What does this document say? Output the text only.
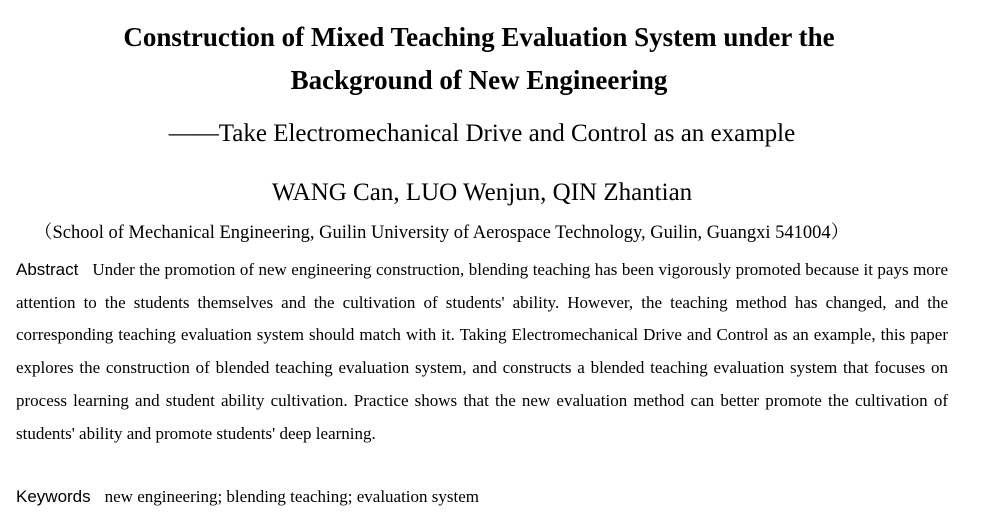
Construction of Mixed Teaching Evaluation System under the
Background of New Engineering
——Take Electromechanical Drive and Control as an example
WANG Can, LUO Wenjun, QIN Zhantian
（School of Mechanical Engineering, Guilin University of Aerospace Technology, Guilin, Guangxi 541004）
Abstract Under the promotion of new engineering construction, blending teaching has been vigorously promoted because it pays more attention to the students themselves and the cultivation of students' ability. However, the teaching method has changed, and the corresponding teaching evaluation system should match with it. Taking Electromechanical Drive and Control as an example, this paper explores the construction of blended teaching evaluation system, and constructs a blended teaching evaluation system that focuses on process learning and student ability cultivation. Practice shows that the new evaluation method can better promote the cultivation of students' ability and promote students' deep learning.
Keywords new engineering; blending teaching; evaluation system
